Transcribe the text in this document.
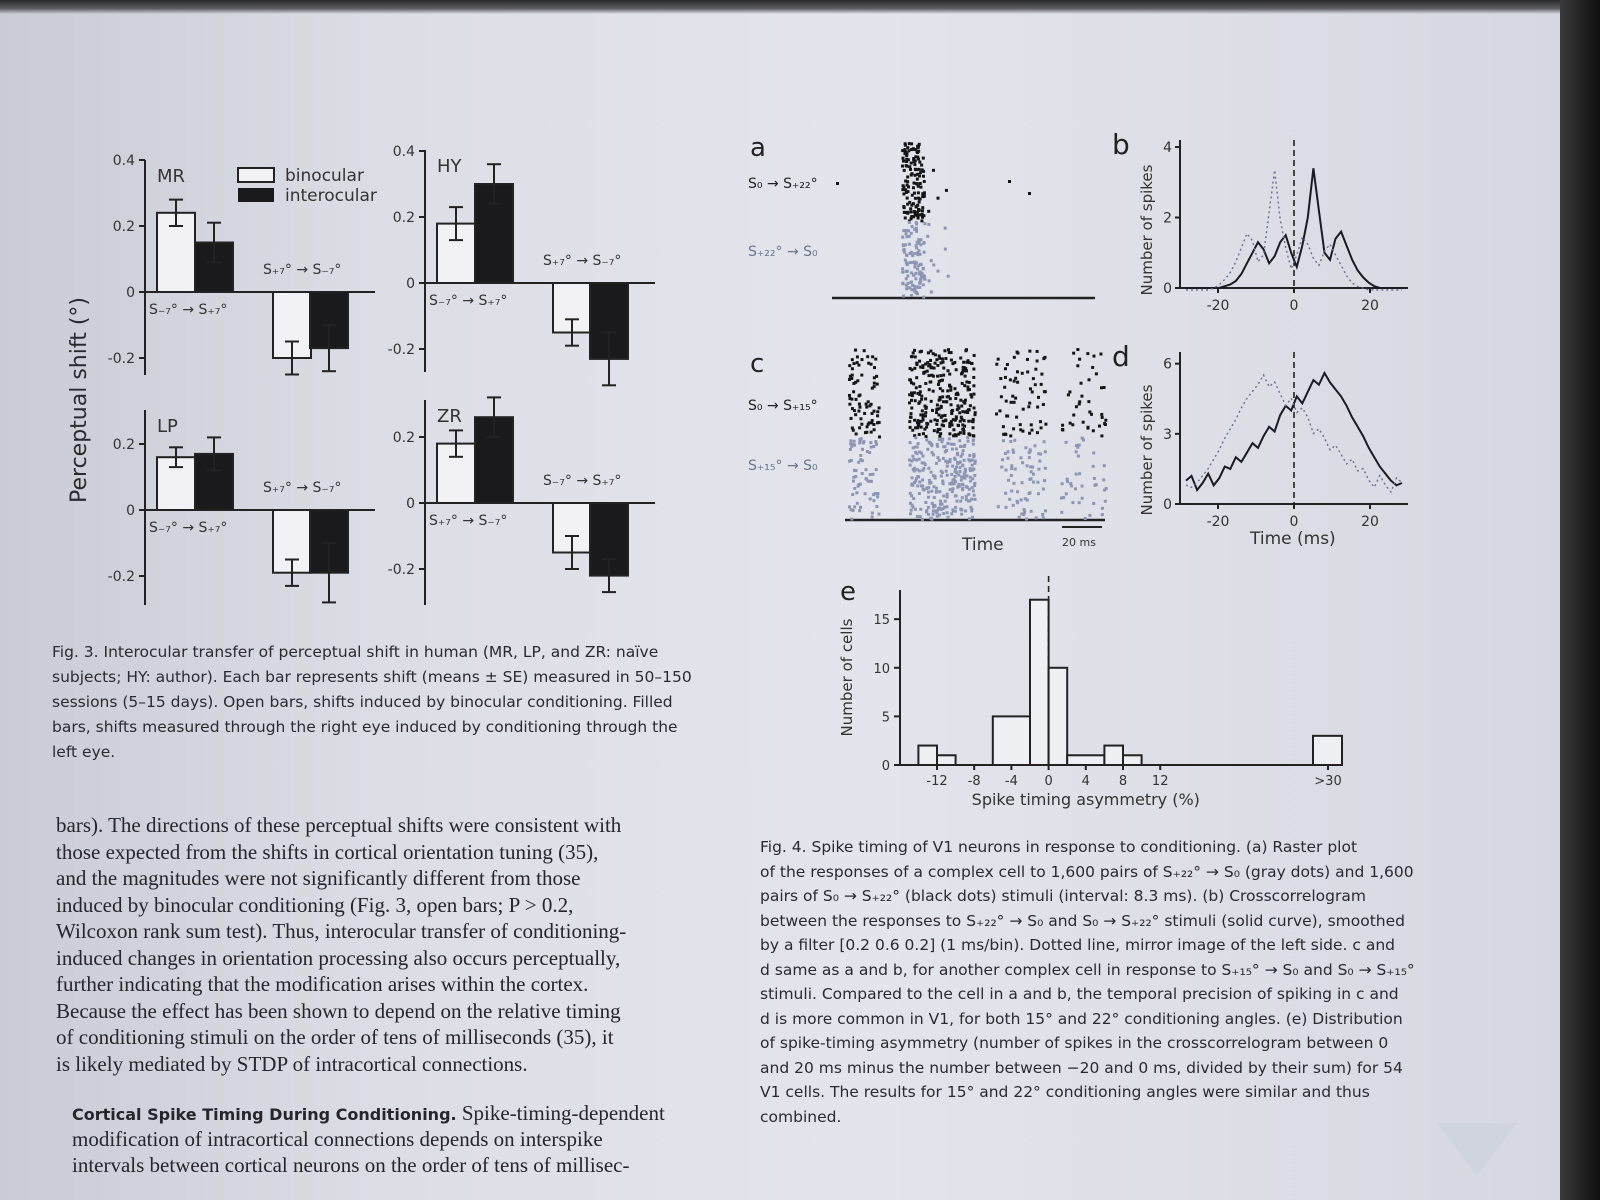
Perceptual shift (°)
binocular
interocular
0.4
0.2
0
-0.2
MR
S₋₇° → S₊₇°
S₊₇° → S₋₇°
0.4
0.2
0
-0.2
HY
S₋₇° → S₊₇°
S₊₇° → S₋₇°
0.2
0
-0.2
LP
S₋₇° → S₊₇°
S₊₇° → S₋₇°
0.2
0
-0.2
ZR
S₊₇° → S₋₇°
S₋₇° → S₊₇°
Fig. 3. Interocular transfer of perceptual shift in human (MR, LP, and ZR: naïve
subjects; HY: author). Each bar represents shift (means ± SE) measured in 50–150
sessions (5–15 days). Open bars, shifts induced by binocular conditioning. Filled
bars, shifts measured through the right eye induced by conditioning through the
left eye.
a	b
c	d
e
S₀ → S₊₂₂°
S₊₂₂° → S₀
S₀ → S₊₁₅°
S₊₁₅° → S₀
Time	20 ms
4
2
0
-20	0	20
Number of spikes
6
3
0
-20	0	20
Number of spikes
Time (ms)
0
5
10
15
-12 -8 -4 0 4 8 12	>30
Number of cells
Spike timing asymmetry (%)
Fig. 4. Spike timing of V1 neurons in response to conditioning. (a) Raster plot
of the responses of a complex cell to 1,600 pairs of S₊₂₂° → S₀ (gray dots) and 1,600
pairs of S₀ → S₊₂₂° (black dots) stimuli (interval: 8.3 ms). (b) Crosscorrelogram
between the responses to S₊₂₂° → S₀ and S₀ → S₊₂₂° stimuli (solid curve), smoothed
by a filter [0.2 0.6 0.2] (1 ms/bin). Dotted line, mirror image of the left side. c and
d same as a and b, for another complex cell in response to S₊₁₅° → S₀ and S₀ → S₊₁₅°
stimuli. Compared to the cell in a and b, the temporal precision of spiking in c and
d is more common in V1, for both 15° and 22° conditioning angles. (e) Distribution
of spike-timing asymmetry (number of spikes in the crosscorrelogram between 0
and 20 ms minus the number between −20 and 0 ms, divided by their sum) for 54
V1 cells. The results for 15° and 22° conditioning angles were similar and thus
combined.
bars). The directions of these perceptual shifts were consistent with
those expected from the shifts in cortical orientation tuning (35),
and the magnitudes were not significantly different from those
induced by binocular conditioning (Fig. 3, open bars; P > 0.2,
Wilcoxon rank sum test). Thus, interocular transfer of conditioning-
induced changes in orientation processing also occurs perceptually,
further indicating that the modification arises within the cortex.
Because the effect has been shown to depend on the relative timing
of conditioning stimuli on the order of tens of milliseconds (35), it
is likely mediated by STDP of intracortical connections.
Cortical Spike Timing During Conditioning. Spike-timing-dependent
modification of intracortical connections depends on interspike
intervals between cortical neurons on the order of tens of millisec-
